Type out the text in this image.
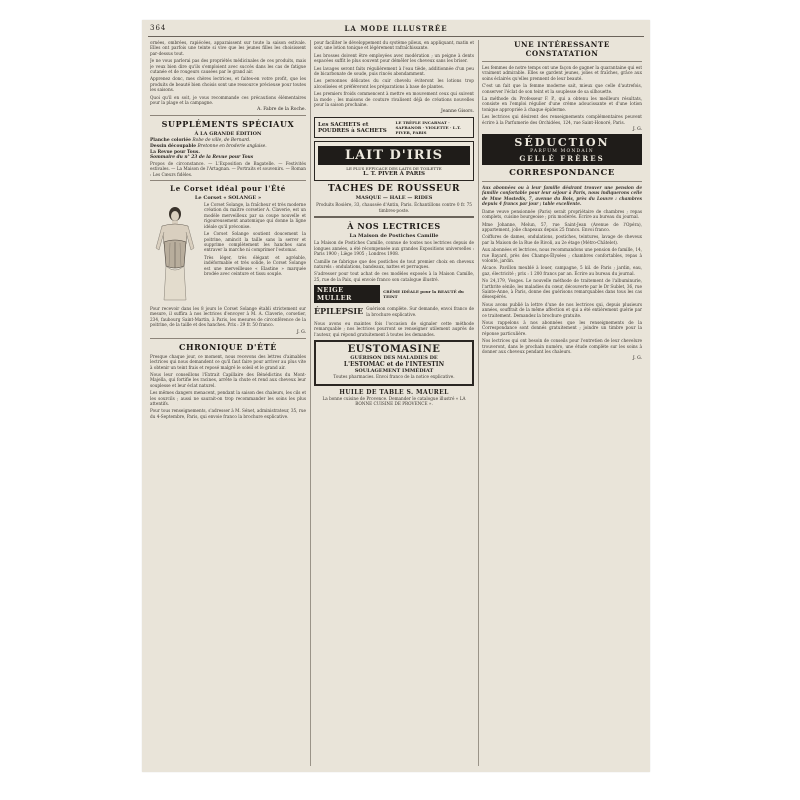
364	LA MODE ILLUSTRÉE

ornées, ombrées, rapiécées, apparaissent sur toute la saison estivale. Elles ont parfois une teinte si vive que les jeunes filles les choisissent par-dessus tout.

Je ne vous parlerai pas des propriétés médicinales de ces produits, mais je veux bien dire qu'ils s'emploient avec succès dans les cas de fatigue cutanée et de rougeurs causées par le grand air.

Apprenez donc, mes chères lectrices, et faites-en votre profit, que les produits de beauté bien choisis sont une ressource précieuse pour toutes les saisons.

Quoi qu'il en soit, je vous recommande ces précautions élémentaires pour la plage et la campagne.

A. Fabre de la Roche.
SUPPLÉMENTS SPÉCIAUX
À LA GRANDE ÉDITION
Planche coloriée Robe de ville, de Bernard.
Dessin découpable Bretonne en broderie anglaise.
La Revue pour Tous.
Sommaire du n° 23 de la Revue pour Tous

Propos de circonstance. — L'Exposition de Bagatelle. — Festivités estivales. — La Maison de l'Artagnan. — Portraits et souvenirs. — Roman : Les Cœurs fidèles.

Le Corset idéal pour l'Été
Le Corset « SOLANGE »

Le Corset Solange, la fraîcheur et très moderne création du maître corsetier A. Claverie, est un modèle merveilleux par sa coupe nouvelle et rigoureusement anatomique qui donne la ligne idéale qu'il préconise.

Le Corset Solange soutient doucement la poitrine, amincit la taille sans la serrer et supprime complètement les hanches sans entraver la marche ni comprimer l'estomac.

Très léger, très élégant et agréable, indéformable et très solide, le Corset Solange est une merveilleuse « Elastine » marquée brodée avec ceinture et tissu souple.

Pour recevoir dans les 8 jours le Corset Solange établi strictement sur mesure, il suffira à nos lectrices d'envoyer à M. A. Claverie, corsetier, 234, faubourg Saint-Martin, à Paris, les mesures de circonférence de la poitrine, de la taille et des hanches. Prix : 29 fr. 50 franco.

J. G.
CHRONIQUE D'ÉTÉ

Presque chaque jour, ce moment, nous recevons des lettres d'aimables lectrices qui nous demandent ce qu'il faut faire pour arriver au plus vite à obtenir un teint frais et reposé malgré le soleil et le grand air.

Nous leur conseillons l'Extrait Capillaire des Bénédictins du Mont-Majella, qui fortifie les racines, arrête la chute et rend aux cheveux leur souplesse et leur éclat naturel.

Les mêmes dangers menacent, pendant la saison des chaleurs, les cils et les sourcils ; aussi ne saurait-on trop recommander les soins les plus attentifs.

Pour tous renseignements, s'adresser à M. Sénet, administrateur, 35, rue du 4-Septembre, Paris, qui envoie franco la brochure explicative.

pour faciliter le développement du système pileux, en appliquant, matin et soir, une lotion tonique et légèrement rafraîchissante.

Les brosses doivent être employées avec modération ; un peigne à dents espacées suffit le plus souvent pour démêler les cheveux sans les briser.

Les lavages seront faits régulièrement à l'eau tiède, additionnée d'un peu de bicarbonate de soude, puis rincés abondamment.

Les personnes délicates du cuir chevelu éviteront les lotions trop alcoolisées et préféreront les préparations à base de plantes.

Les premiers froids commencent à mettre en mouvement ceux qui suivent la mode ; les maisons de couture rivalisent déjà de créations nouvelles pour la saison prochaine.

Jeanne Gisors.
Les SACHETS et POUDRES à SACHETS
LE TRÈFLE INCARNAT · SAFRANOR · VIOLETTE · L.T. PIVER, PARIS
LAIT D'IRIS
LE PLUS EFFICACE DES LAITS DE TOILETTE
L. T. PIVER À PARIS
TACHES DE ROUSSEUR
MASQUE — HALE — RIDES

Produits Rosière, 33, chaussée d'Antin, Paris. Échantillons contre 0 fr. 75 timbres-poste.

À NOS LECTRICES
La Maison de Postiches Camille

La Maison de Postiches Camille, connue de toutes nos lectrices depuis de longues années, a été récompensée aux grandes Expositions universelles : Paris 1900 ; Liège 1905 ; Londres 1908.

Camille ne fabrique que des postiches de tout premier choix en cheveux naturels : ondulations, bandeaux, nattes et perruques.

S'adresser pour tout achat de ces modèles exposés à la Maison Camille, 25, rue de la Paix, qui envoie franco son catalogue illustré.

NEIGE MULLER
CRÈME IDÉALE pour la BEAUTÉ du TEINT
ÉPILEPSIE Guérison complète. Sur demande, envoi franco de la brochure explicative.

Nous avons eu maintes fois l'occasion de signaler cette méthode remarquable ; nos lectrices pourront se renseigner utilement auprès de l'auteur, qui répond gratuitement à toutes les demandes.

EUSTOMASINE
GUÉRISON DES MALADIES DE
L'ESTOMAC et de l'INTESTIN
SOULAGEMENT IMMÉDIAT
Toutes pharmacies. Envoi franco de la notice explicative.
HUILE DE TABLE S. MAUREL

La bonne cuisine de Provence. Demander le catalogue illustré « LA BONNE CUISINE DE PROVENCE ».

UNE INTÉRESSANTE CONSTATATION

Les femmes de notre temps ont une façon de gagner la quarantaine qui est vraiment admirable. Elles se gardent jeunes, jolies et fraîches, grâce aux soins éclairés qu'elles prennent de leur beauté.

C'est un fait que la femme moderne sait, mieux que celle d'autrefois, conserver l'éclat de son teint et la souplesse de sa silhouette.

La méthode du Professeur F. P., qui a obtenu les meilleurs résultats, consiste en l'emploi régulier d'une crème adoucissante et d'une lotion tonique appropriée à chaque épiderme.

Les lectrices qui désirent des renseignements complémentaires peuvent écrire à la Parfumerie des Orchidées, 124, rue Saint-Honoré, Paris.

J. G.
SÉDUCTION
PARFUM MONDAIN
GELLÉ FRÈRES
CORRESPONDANCE

Aux abonnées ou à leur famille désirant trouver une pension de famille confortable pour leur séjour à Paris, nous indiquerons celle de Mme Mostedis, 7, avenue du Bois, près du Louvre : chambres depuis 4 francs par jour ; table excellente.

Dame veuve pensionnée (Paris) serait propriétaire de chambres ; repas complets, cuisine bourgeoise ; prix modérés. Écrire au bureau du journal.

Mme Johanne, Melun, 57, rue Saint-Jean (Avenue de l'Opéra), appartement, jolie chapeaux depuis 25 francs. Envoi franco.

Coiffures de dames, ondulations, postiches, teintures, lavage de cheveux par la Maison de la Rue de Rivoli, au 2e étage (Métro-Châtelet).

Aux abonnées et lectrices, nous recommandons une pension de famille, 14, rue Bayard, près des Champs-Élysées ; chambres confortables, repas à volonté, jardin.

Alcace. Pavillon meublé à louer, campagne, 5 kil. de Paris ; jardin, eau, gaz, électricité ; prix : 1 200 francs par an. Écrire au bureau du journal.

No 24,179, Vosges. Le nouvelle méthode de traitement de l'albuminurie, l'arthrite sénile, les maladies du cœur, découverte par le Dr Sublet, 36, rue Sainte-Anne, à Paris, donne des guérisons remarquables dans tous les cas désespérés.

Nous avons publié la lettre d'une de nos lectrices qui, depuis plusieurs années, souffrait de la même affection et qui a été entièrement guérie par ce traitement. Demandez la brochure gratuite.

Nous rappelons à nos abonnées que les renseignements de la Correspondance sont donnés gratuitement ; joindre un timbre pour la réponse particulière.

Nos lectrices qui ont besoin de conseils pour l'entretien de leur chevelure trouveront, dans le prochain numéro, une étude complète sur les soins à donner aux cheveux pendant les chaleurs.

J. G.
